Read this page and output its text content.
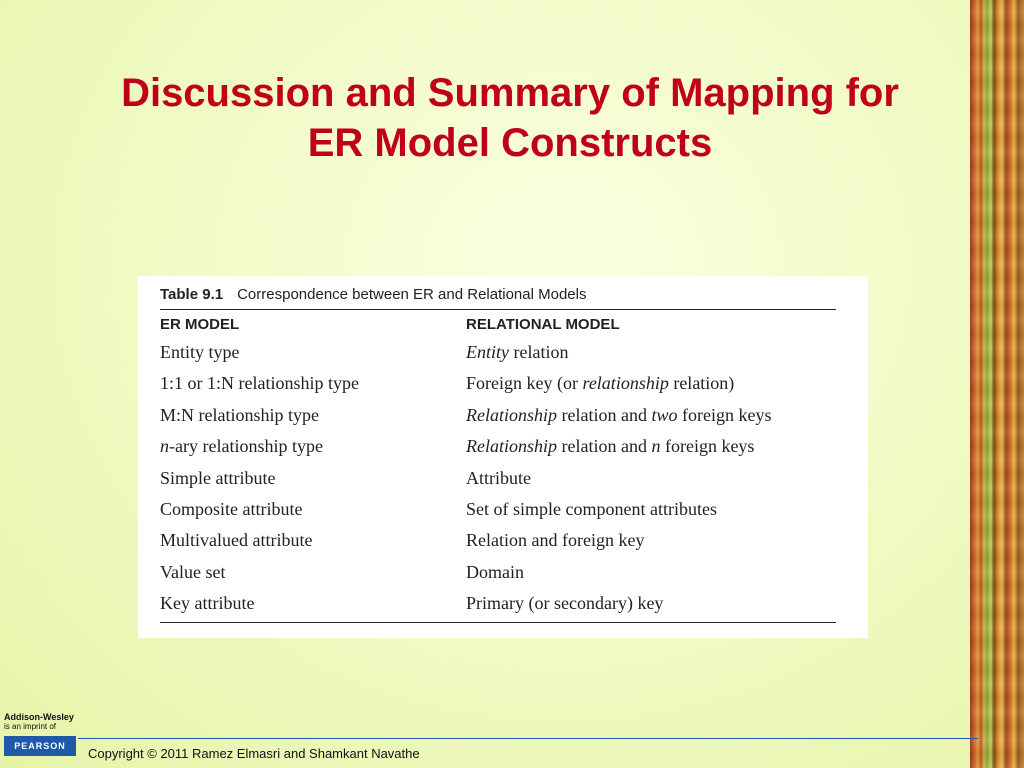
Discussion and Summary of Mapping for
ER Model Constructs
Table 9.1 Correspondence between ER and Relational Models
ER MODEL	RELATIONAL MODEL
Entity type	Entity relation
1:1 or 1:N relationship type	Foreign key (or relationship relation)
M:N relationship type	Relationship relation and two foreign keys
n-ary relationship type	Relationship relation and n foreign keys
Simple attribute	Attribute
Composite attribute	Set of simple component attributes
Multivalued attribute	Relation and foreign key
Value set	Domain
Key attribute	Primary (or secondary) key
Addison-Wesley
is an imprint of
PEARSON	Copyright © 2011 Ramez Elmasri and Shamkant Navathe
